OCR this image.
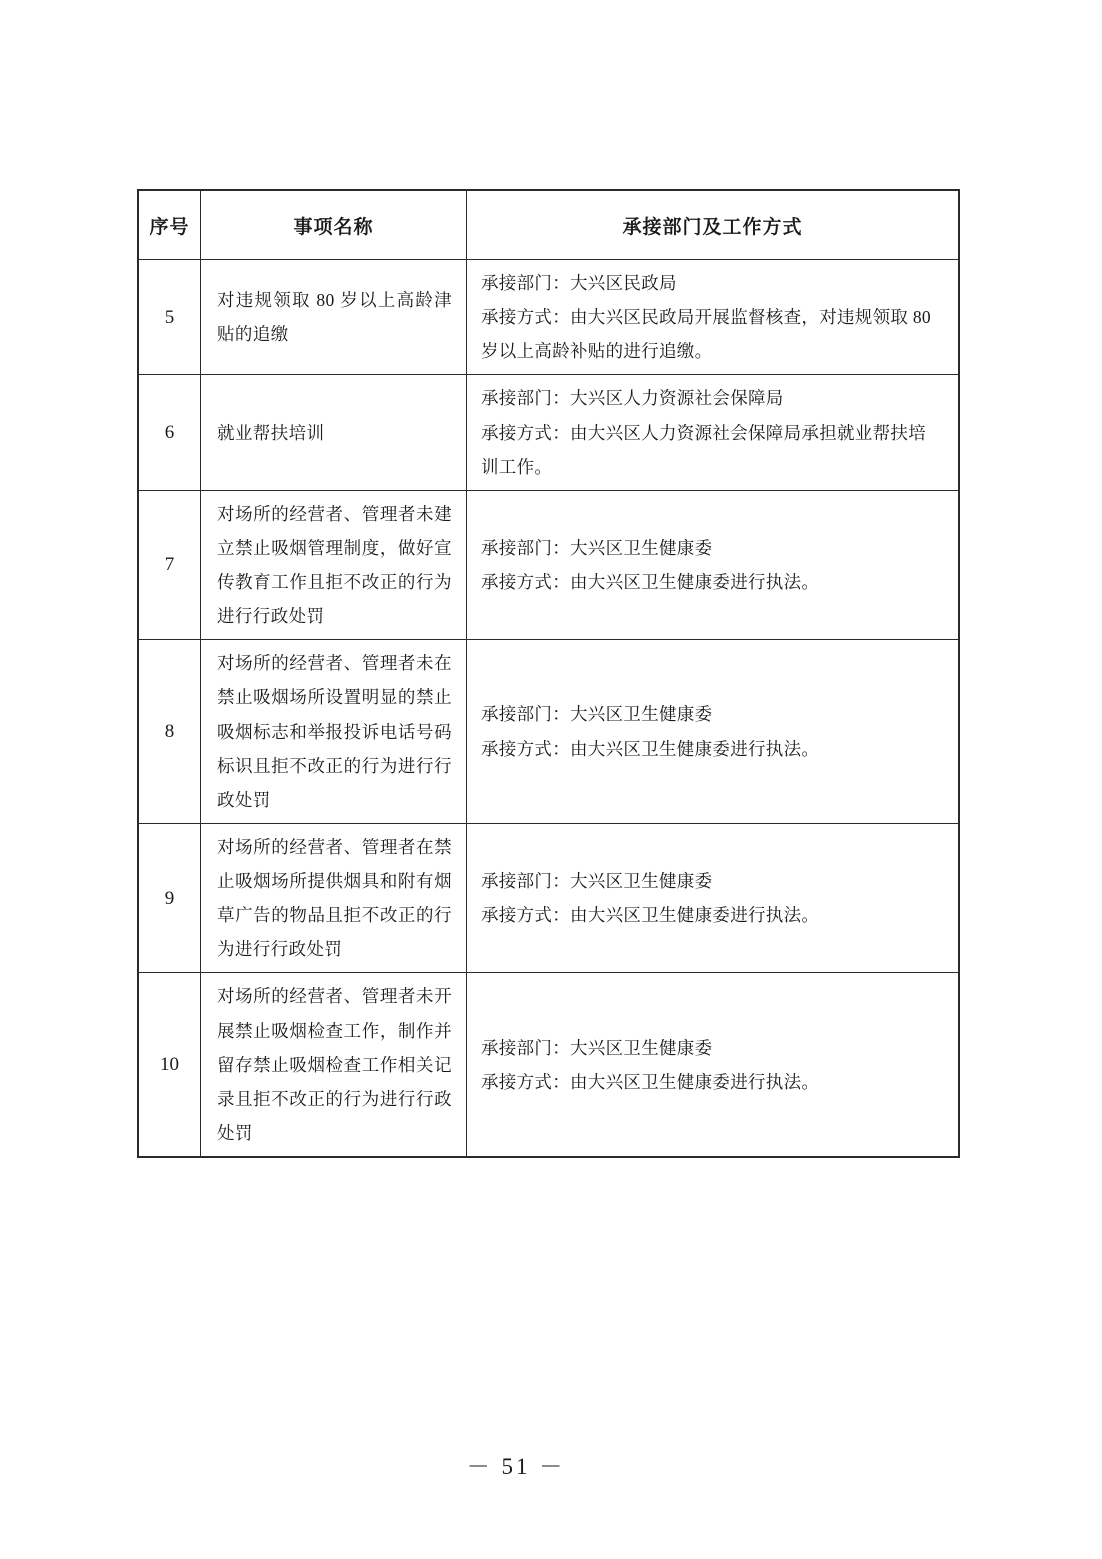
序号	事项名称	承接部门及工作方式
5	对违规领取 80 岁以上高龄津贴的追缴	承接部门：大兴区民政局
承接方式：由大兴区民政局开展监督核查，对违规领取 80 岁以上高龄补贴的进行追缴。

6	就业帮扶培训	承接部门：大兴区人力资源社会保障局
承接方式：由大兴区人力资源社会保障局承担就业帮扶培训工作。

7	对场所的经营者、管理者未建立禁止吸烟管理制度，做好宣传教育工作且拒不改正的行为进行行政处罚	承接部门：大兴区卫生健康委
承接方式：由大兴区卫生健康委进行执法。

8	对场所的经营者、管理者未在禁止吸烟场所设置明显的禁止吸烟标志和举报投诉电话号码标识且拒不改正的行为进行行政处罚	承接部门：大兴区卫生健康委
承接方式：由大兴区卫生健康委进行执法。

9	对场所的经营者、管理者在禁止吸烟场所提供烟具和附有烟草广告的物品且拒不改正的行为进行行政处罚	承接部门：大兴区卫生健康委
承接方式：由大兴区卫生健康委进行执法。

10	对场所的经营者、管理者未开展禁止吸烟检查工作，制作并留存禁止吸烟检查工作相关记录且拒不改正的行为进行行政处罚	承接部门：大兴区卫生健康委
承接方式：由大兴区卫生健康委进行执法。
－ 51 －
